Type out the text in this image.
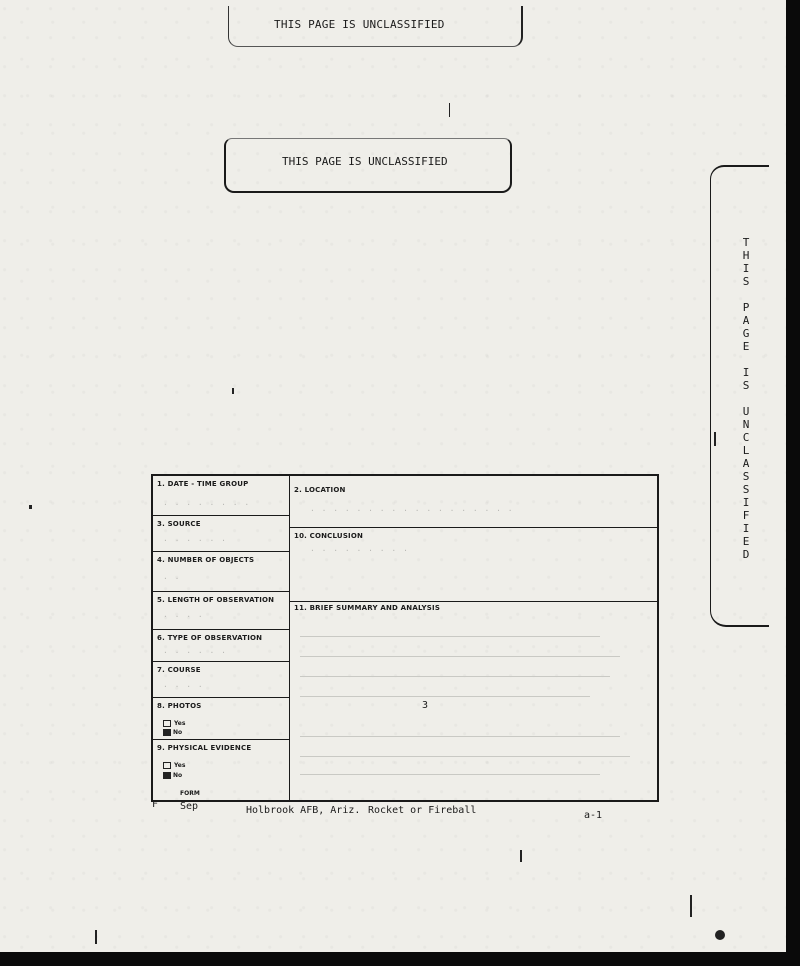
THIS PAGE IS UNCLASSIFIED
THIS PAGE IS UNCLASSIFIED
T
H
I
S

P
A
G
E

I
S

U
N
C
L
A
S
S
I
F
I
E
D
1. DATE - TIME GROUP
· · · · · · · ·
3. SOURCE
· · · · · ·
4. NUMBER OF OBJECTS
· ·
5. LENGTH OF OBSERVATION
· · · ·
6. TYPE OF OBSERVATION
· · · · · ·
7. COURSE
· · · ·
8. PHOTOS
Yes
No
9. PHYSICAL EVIDENCE
Yes
No
2. LOCATION
· · · · · · · · · · · · · · · · · ·
10. CONCLUSION
· · · · · · · · ·
11. BRIEF SUMMARY AND ANALYSIS
3
FORM
F Sep	Holbrook AFB, Ariz. Rocket or Fireball	a-1
